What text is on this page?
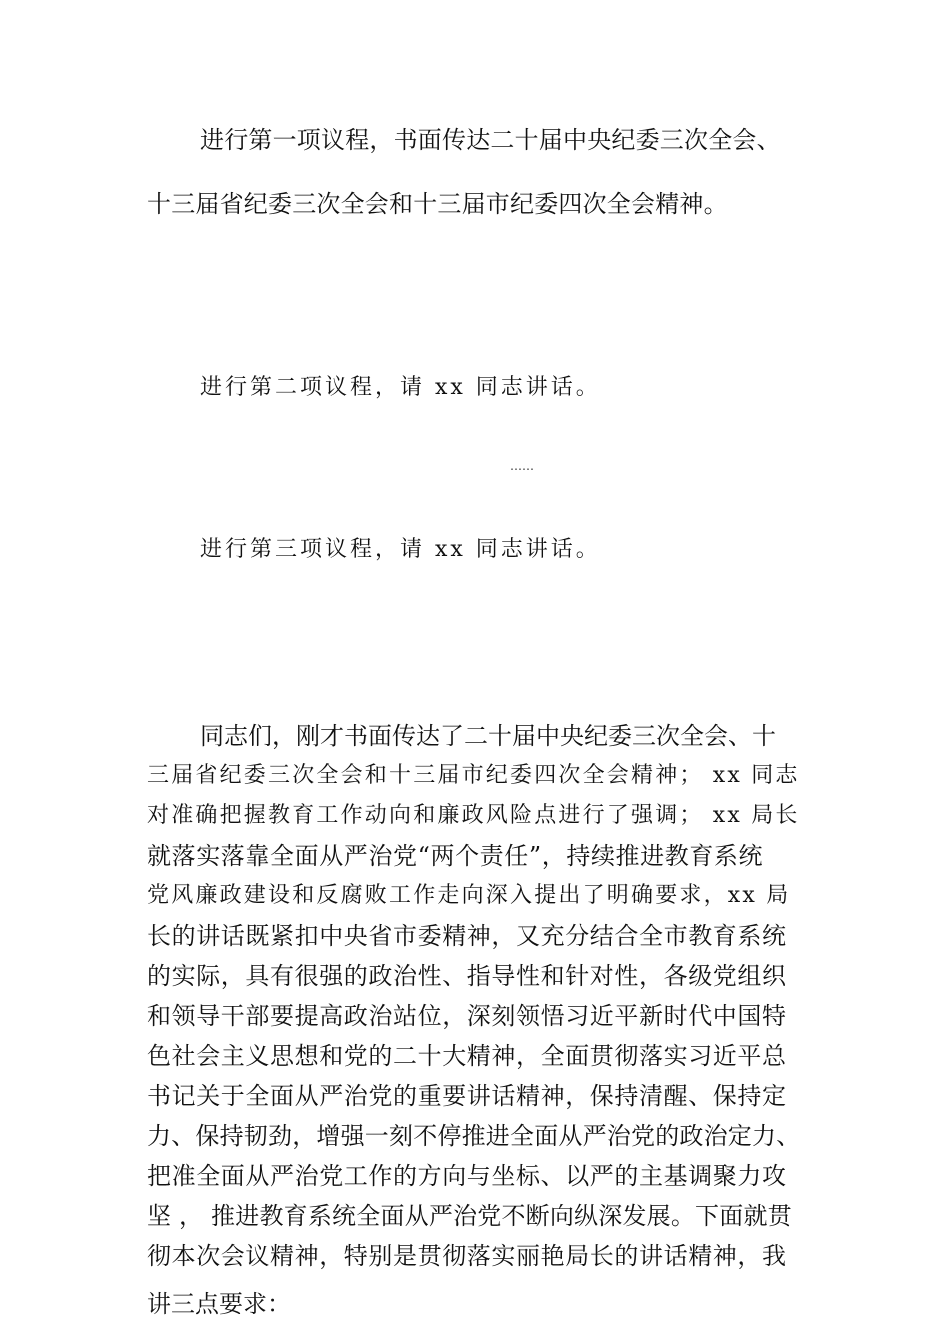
进行第一项议程，书面传达二十届中央纪委三次全会、

十三届省纪委三次全会和十三届市纪委四次全会精神。

进行第二项议程，请 xx 同志讲话。

……

进行第三项议程，请 xx 同志讲话。

同志们，刚才书面传达了二十届中央纪委三次全会、十

三届省纪委三次全会和十三届市纪委四次全会精神； xx 同志

对准确把握教育工作动向和廉政风险点进行了强调； xx 局长

就落实落靠全面从严治党“两个责任”，持续推进教育系统

党风廉政建设和反腐败工作走向深入提出了明确要求，xx 局

长的讲话既紧扣中央省市委精神，又充分结合全市教育系统

的实际，具有很强的政治性、指导性和针对性，各级党组织

和领导干部要提高政治站位，深刻领悟习近平新时代中国特

色社会主义思想和党的二十大精神，全面贯彻落实习近平总

书记关于全面从严治党的重要讲话精神，保持清醒、保持定

力、保持韧劲，增强一刻不停推进全面从严治党的政治定力、

把准全面从严治党工作的方向与坐标、以严的主基调聚力攻

坚 ， 推进教育系统全面从严治党不断向纵深发展。下面就贯

彻本次会议精神，特别是贯彻落实丽艳局长的讲话精神，我

讲三点要求：
